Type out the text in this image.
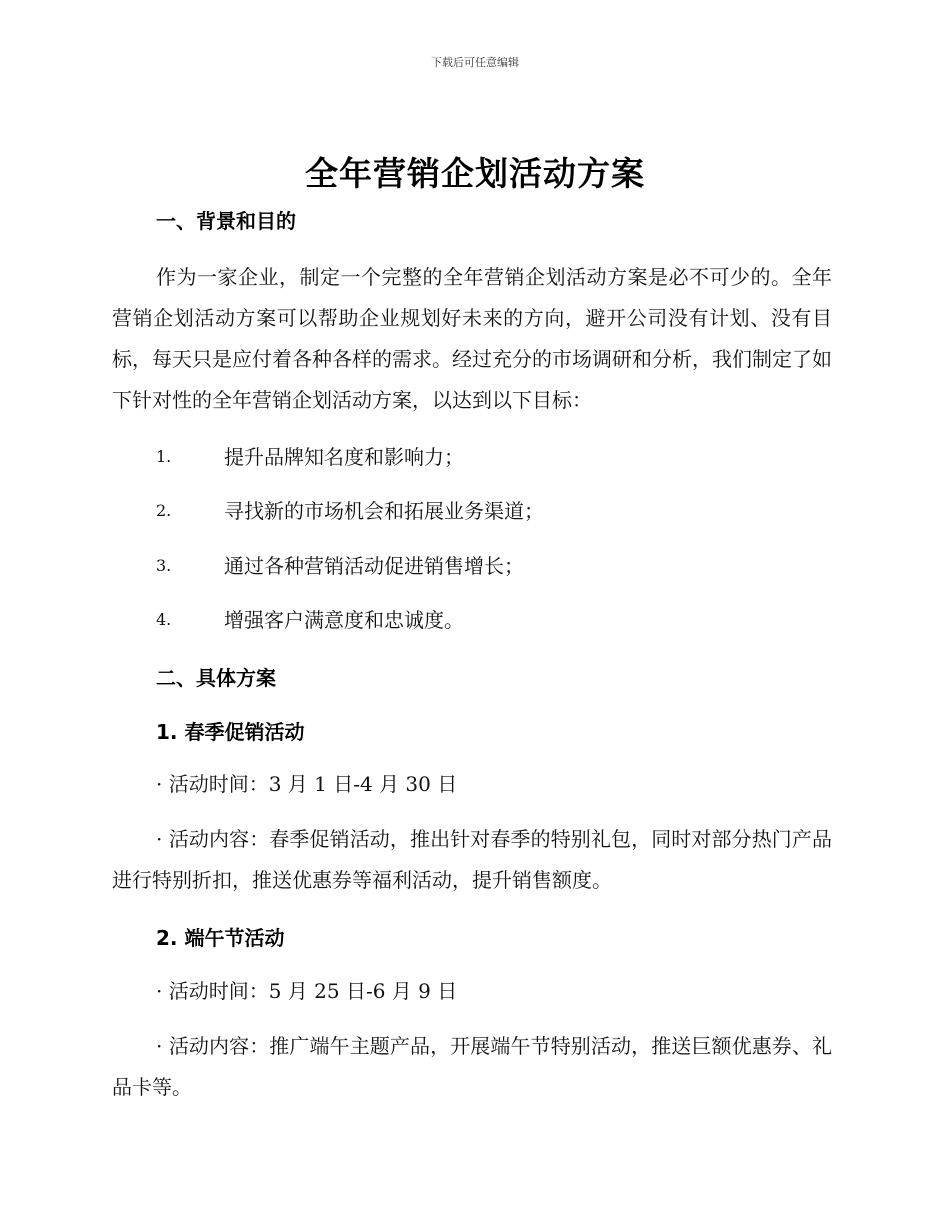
下载后可任意编辑
全年营销企划活动方案
一、背景和目的
作为一家企业，制定一个完整的全年营销企划活动方案是必不可少的。全年营销企划活动方案可以帮助企业规划好未来的方向，避开公司没有计划、没有目标，每天只是应付着各种各样的需求。经过充分的市场调研和分析，我们制定了如下针对性的全年营销企划活动方案，以达到以下目标：
1.	提升品牌知名度和影响力；
2.	寻找新的市场机会和拓展业务渠道；
3.	通过各种营销活动促进销售增长；
4.	增强客户满意度和忠诚度。
二、具体方案
1. 春季促销活动
· 活动时间：3 月 1 日-4 月 30 日
· 活动内容：春季促销活动，推出针对春季的特别礼包，同时对部分热门产品进行特别折扣，推送优惠券等福利活动，提升销售额度。
2. 端午节活动
· 活动时间：5 月 25 日-6 月 9 日
· 活动内容：推广端午主题产品，开展端午节特别活动，推送巨额优惠券、礼品卡等。
